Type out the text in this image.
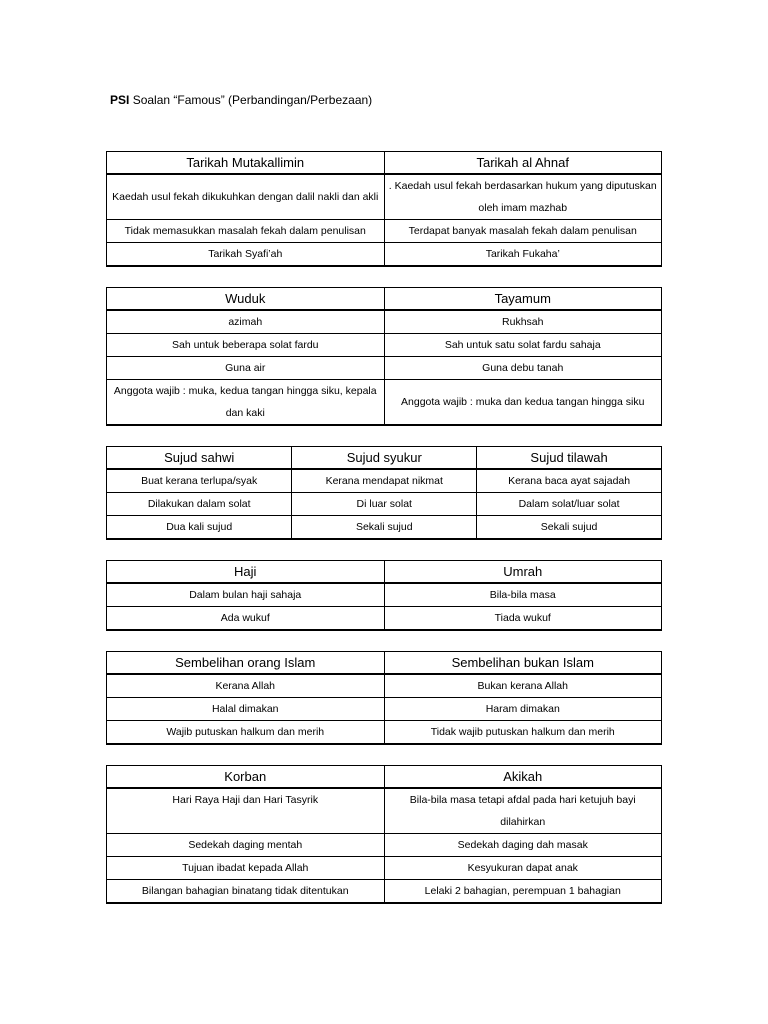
PSI Soalan “Famous” (Perbandingan/Perbezaan)
Tarikah Mutakallimin	Tarikah al Ahnaf
Kaedah usul fekah dikukuhkan dengan dalil nakli dan akli	. Kaedah usul fekah berdasarkan hukum yang diputuskan oleh imam mazhab
Tidak memasukkan masalah fekah dalam penulisan	Terdapat banyak masalah fekah dalam penulisan
Tarikah Syafi’ah	Tarikah Fukaha’
Wuduk	Tayamum
azimah	Rukhsah
Sah untuk beberapa solat fardu	Sah untuk satu solat fardu sahaja
Guna air	Guna debu tanah
Anggota wajib : muka, kedua tangan hingga siku, kepala dan kaki	Anggota wajib : muka dan kedua tangan hingga siku
Sujud sahwi	Sujud syukur	Sujud tilawah
Buat kerana terlupa/syak	Kerana mendapat nikmat	Kerana baca ayat sajadah
Dilakukan dalam solat	Di luar solat	Dalam solat/luar solat
Dua kali sujud	Sekali sujud	Sekali sujud
Haji	Umrah
Dalam bulan haji sahaja	Bila-bila masa
Ada wukuf	Tiada wukuf
Sembelihan orang Islam	Sembelihan bukan Islam
Kerana Allah	Bukan kerana Allah
Halal dimakan	Haram dimakan
Wajib putuskan halkum dan merih	Tidak wajib putuskan halkum dan merih
Korban	Akikah
Hari Raya Haji dan Hari Tasyrik	Bila-bila masa tetapi afdal pada hari ketujuh bayi dilahirkan
Sedekah daging mentah	Sedekah daging dah masak
Tujuan ibadat kepada Allah	Kesyukuran dapat anak
Bilangan bahagian binatang tidak ditentukan	Lelaki 2 bahagian, perempuan 1 bahagian
